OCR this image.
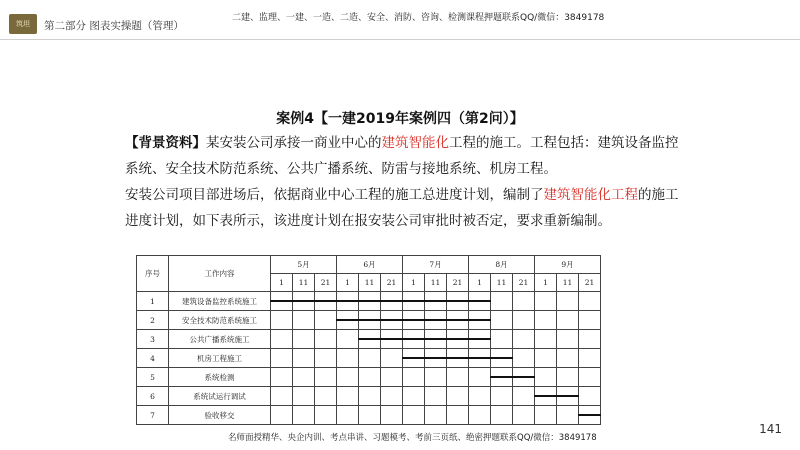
筑坦	第二部分 图表实操题（管理）
二建、监理、一建、一造、二造、安全、消防、咨询、检测课程押题联系QQ/微信：3849178
案例4【一建2019年案例四（第2问）】

【背景资料】某安装公司承接一商业中心的建筑智能化工程的施工。工程包括：建筑设备监控系统、安全技术防范系统、公共广播系统、防雷与接地系统、机房工程。

安装公司项目部进场后，依据商业中心工程的施工总进度计划，编制了建筑智能化工程的施工进度计划，如下表所示，该进度计划在报安装公司审批时被否定，要求重新编制。

序号	工作内容	5月			6月			7月			8月			9月		
		1	11	21	1	11	21	1	11	21	1	11	21	1	11	21
1	建筑设备监控系统施工	

2	安全技术防范系统施工				

3	公共广播系统施工					

4	机房工程施工							

5	系统检测											

6	系统试运行调试													

7	验收移交															
名师面授精华、央企内训、考点串讲、习题模考、考前三页纸、绝密押题联系QQ/微信：3849178
141
